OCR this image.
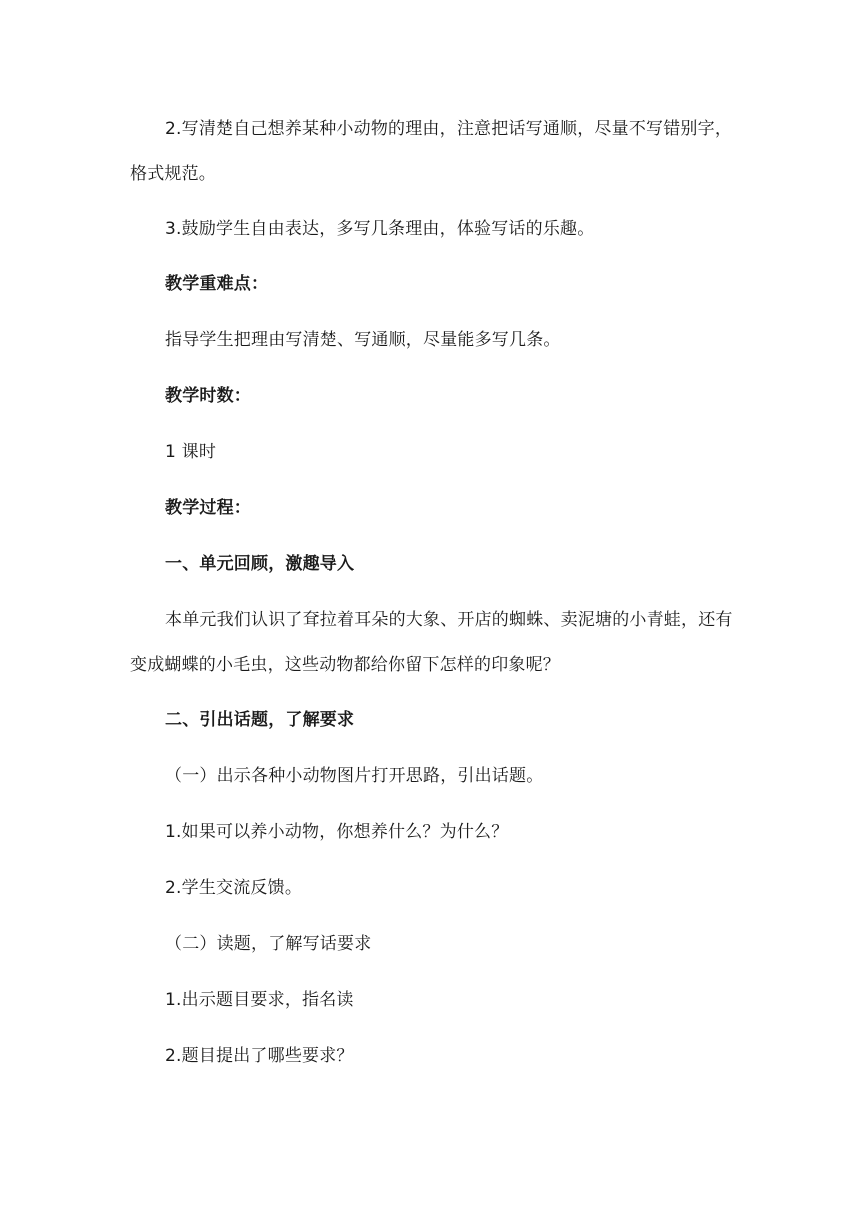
2.写清楚自己想养某种小动物的理由，注意把话写通顺，尽量不写错别字，
格式规范。
3.鼓励学生自由表达，多写几条理由，体验写话的乐趣。
教学重难点：
指导学生把理由写清楚、写通顺，尽量能多写几条。
教学时数：
1 课时
教学过程：
一、单元回顾，激趣导入
本单元我们认识了耷拉着耳朵的大象、开店的蜘蛛、卖泥塘的小青蛙，还有
变成蝴蝶的小毛虫，这些动物都给你留下怎样的印象呢？
二、引出话题，了解要求
（一）出示各种小动物图片打开思路，引出话题。
1.如果可以养小动物，你想养什么？为什么？
2.学生交流反馈。
（二）读题，了解写话要求
1.出示题目要求，指名读
2.题目提出了哪些要求？
